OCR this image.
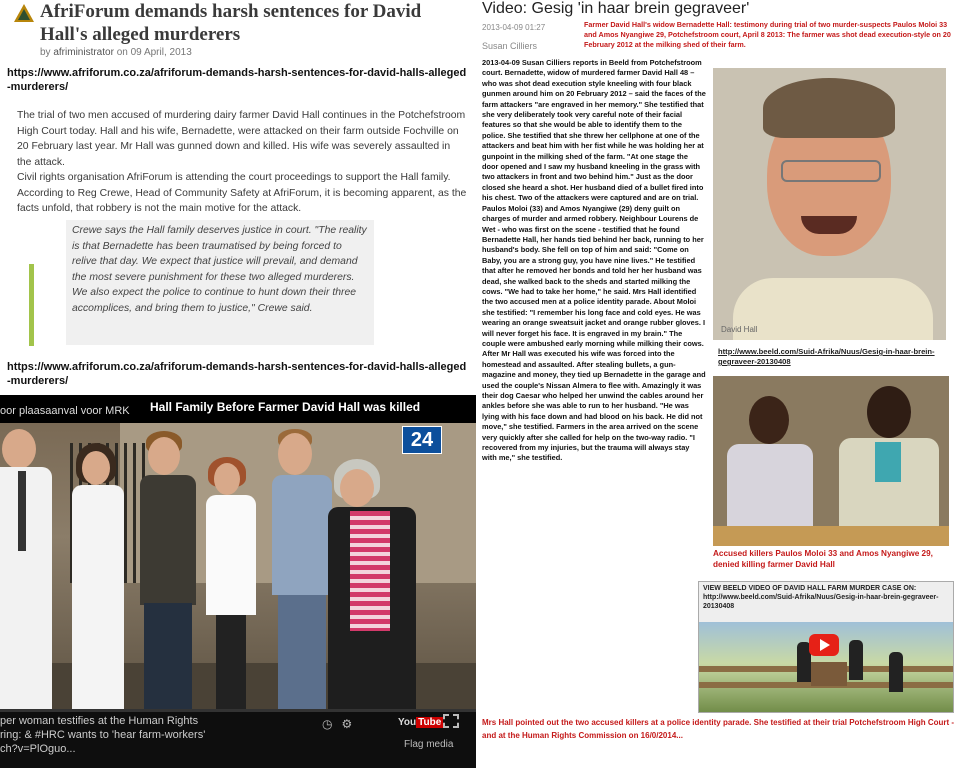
AfriForum demands harsh sentences for David Hall's alleged murderers
by afriministrator on 09 April, 2013
https://www.afriforum.co.za/afriforum-demands-harsh-sentences-for-david-halls-alleged-murderers/
The trial of two men accused of murdering dairy farmer David Hall continues in the Potchefstroom High Court today. Hall and his wife, Bernadette, were attacked on their farm outside Fochville on 20 February last year. Mr Hall was gunned down and killed. His wife was severely assaulted in the attack.
Civil rights organisation AfriForum is attending the court proceedings to support the Hall family. According to Reg Crewe, Head of Community Safety at AfriForum, it is becoming apparent, as the facts unfold, that robbery is not the main motive for the attack.
Crewe says the Hall family deserves justice in court. "The reality is that Bernadette has been traumatised by being forced to relive that day. We expect that justice will prevail, and demand the most severe punishment for these two alleged murderers. We also expect the police to continue to hunt down their three accomplices, and bring them to justice," Crewe said.
https://www.afriforum.co.za/afriforum-demands-harsh-sentences-for-david-halls-alleged-murderers/
oor plaasaanval voor MRK Hall Family Before Farmer David Hall was killed
24
per woman testifies at the Human Rights
ring: & #HRC wants to 'hear farm-workers'
ch?v=PlOguo...
◷⚙	You Tube
Flag media
Video: Gesig 'in haar brein gegraveer'
2013-04-09 01:27
Susan Cilliers
Farmer David Hall's widow Bernadette Hall: testimony during trial of two murder-suspects Paulos Moloi 33 and Amos Nyangiwe 29, Potchefstroom court, April 8 2013: The farmer was shot dead execution-style on 20 February 2012 at the milking shed of their farm.
2013-04-09 Susan Cilliers reports in Beeld from Potchefstroom court. Bernadette, widow of murdered farmer David Hall 48 – who was shot dead execution style kneeling with four black gunmen around him on 20 February 2012 – said the faces of the farm attackers "are engraved in her memory." She testified that she very deliberately took very careful note of their facial features so that she would be able to identify them to the police. She testified that she threw her cellphone at one of the attackers and beat him with her fist while he was holding her at gunpoint in the milking shed of the farm. "At one stage the door opened and I saw my husband kneeling in the grass with two attackers in front and two behind him." Just as the door closed she heard a shot. Her husband died of a bullet fired into his chest. Two of the attackers were captured and are on trial. Paulos Moloi (33) and Amos Nyangiwe (29) deny guilt on charges of murder and armed robbery. Neighbour Lourens de Wet - who was first on the scene - testified that he found Bernadette Hall, her hands tied behind her back, running to her husband's body. She fell on top of him and said: "Come on Baby, you are a strong guy, you have nine lives." He testified that after he removed her bonds and told her her husband was dead, she walked back to the sheds and started milking the cows. "We had to take her home," he said. Mrs Hall identified the two accused men at a police identity parade. About Moloi she testified: "I remember his long face and cold eyes. He was wearing an orange sweatsuit jacket and orange rubber gloves. I will never forget his face. It is engraved in my brain." The couple were ambushed early morning while milking their cows. After Mr Hall was executed his wife was forced into the homestead and assaulted. After stealing bullets, a gun-magazine and money, they tied up Bernadette in the garage and used the couple's Nissan Almera to flee with. Amazingly it was their dog Caesar who helped her unwind the cables around her ankles before she was able to run to her husband. "He was lying with his face down and had blood on his back. He did not move," she testified. Farmers in the area arrived on the scene very quickly after she called for help on the two-way radio. "I recovered from my injuries, but the trauma will always stay with me," she testified.
David Hall
http://www.beeld.com/Suid-Afrika/Nuus/Gesig-in-haar-brein-gegraveer-20130408
Accused killers Paulos Moloi 33 and Amos Nyangiwe 29, denied killing farmer David Hall
VIEW BEELD VIDEO OF DAVID HALL FARM MURDER CASE ON: http://www.beeld.com/Suid-Afrika/Nuus/Gesig-in-haar-brein-gegraveer-20130408
Mrs Hall pointed out the two accused killers at a police identity parade. She testified at their trial Potchefstroom High Court - and at the Human Rights Commission on 16/0/2014...
